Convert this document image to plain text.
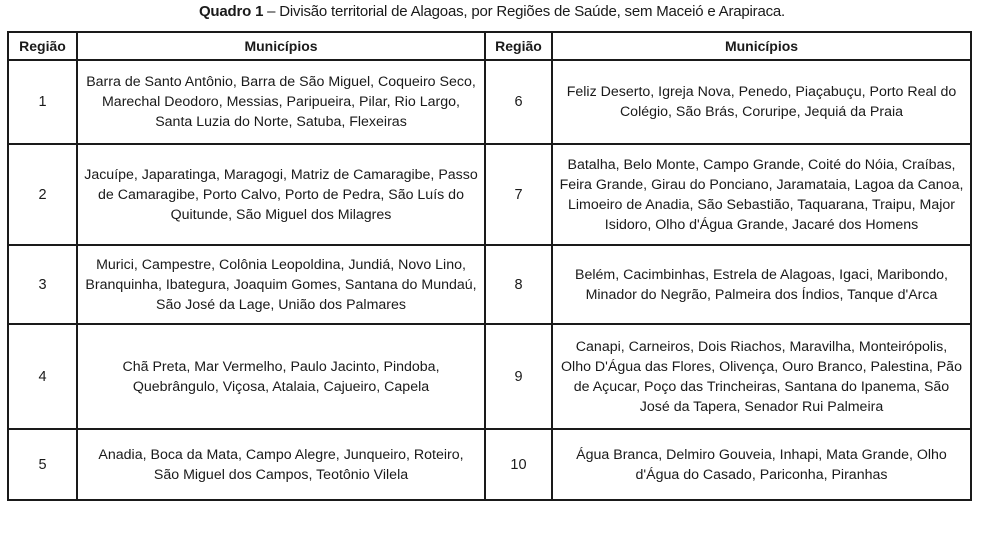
Quadro 1 – Divisão territorial de Alagoas, por Regiões de Saúde, sem Maceió e Arapiraca.
Região	Municípios	Região	Municípios
1	Barra de Santo Antônio, Barra de São Miguel, Coqueiro Seco, Marechal Deodoro, Messias, Paripueira, Pilar, Rio Largo, Santa Luzia do Norte, Satuba, Flexeiras	6	Feliz Deserto, Igreja Nova, Penedo, Piaçabuçu, Porto Real do Colégio, São Brás, Coruripe, Jequiá da Praia
2	Jacuípe, Japaratinga, Maragogi, Matriz de Camaragibe, Passo de Camaragibe, Porto Calvo, Porto de Pedra, São Luís do Quitunde, São Miguel dos Milagres	7	Batalha, Belo Monte, Campo Grande, Coité do Nóia, Craíbas, Feira Grande, Girau do Ponciano, Jaramataia, Lagoa da Canoa, Limoeiro de Anadia, São Sebastião, Taquarana, Traipu, Major Isidoro, Olho d'Água Grande, Jacaré dos Homens
3	Murici, Campestre, Colônia Leopoldina, Jundiá, Novo Lino, Branquinha, Ibategura, Joaquim Gomes, Santana do Mundaú, São José da Lage, União dos Palmares	8	Belém, Cacimbinhas, Estrela de Alagoas, Igaci, Maribondo, Minador do Negrão, Palmeira dos Índios, Tanque d'Arca
4	Chã Preta, Mar Vermelho, Paulo Jacinto, Pindoba, Quebrângulo, Viçosa, Atalaia, Cajueiro, Capela	9	Canapi, Carneiros, Dois Riachos, Maravilha, Monteirópolis, Olho D'Água das Flores, Olivença, Ouro Branco, Palestina, Pão de Açucar, Poço das Trincheiras, Santana do Ipanema, São José da Tapera, Senador Rui Palmeira
5	Anadia, Boca da Mata, Campo Alegre, Junqueiro, Roteiro, São Miguel dos Campos, Teotônio Vilela	10	Água Branca, Delmiro Gouveia, Inhapi, Mata Grande, Olho d'Água do Casado, Pariconha, Piranhas
